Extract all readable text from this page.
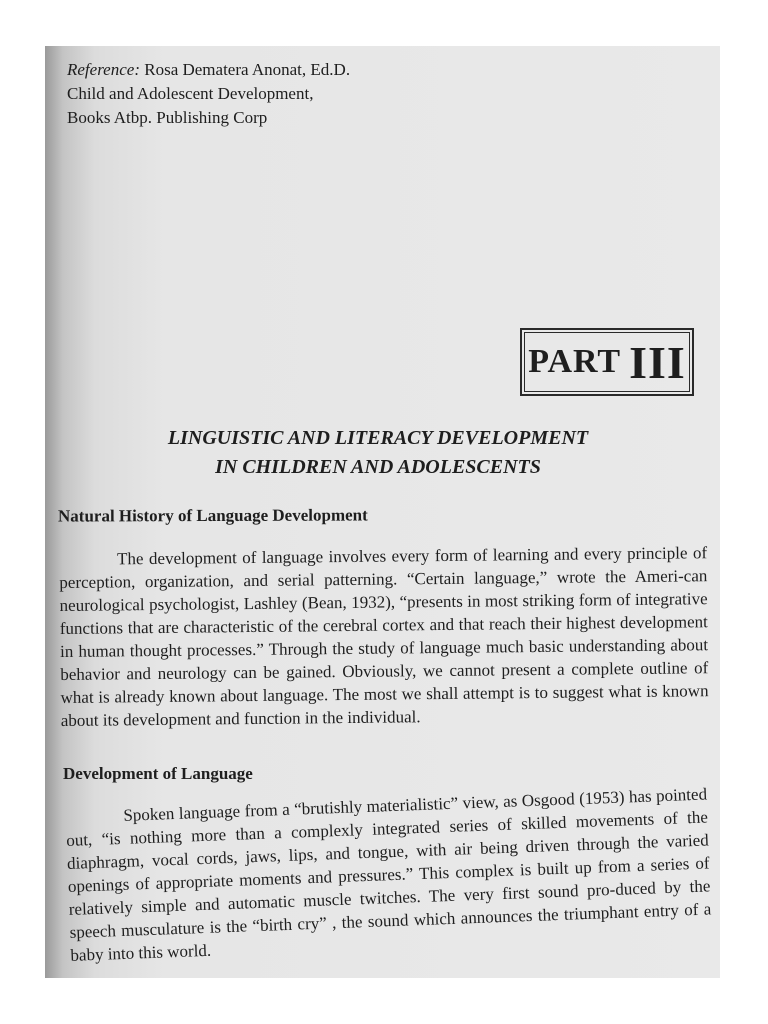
Reference: Rosa Dematera Anonat, Ed.D.
Child and Adolescent Development,
Books Atbp. Publishing Corp
PART III
LINGUISTIC AND LITERACY DEVELOPMENT
IN CHILDREN AND ADOLESCENTS
Natural History of Language Development

The development of language involves every form of learning and every principle of perception, organization, and serial patterning. “Certain language,” wrote the Ameri-can neurological psychologist, Lashley (Bean, 1932), “presents in most striking form of integrative functions that are characteristic of the cerebral cortex and that reach their highest development in human thought processes.” Through the study of language much basic understanding about behavior and neurology can be gained. Obviously, we cannot present a complete outline of what is already known about language. The most we shall attempt is to suggest what is known about its development and function in the individual.

Development of Language

Spoken language from a “brutishly materialistic” view, as Osgood (1953) has pointed out, “is nothing more than a complexly integrated series of skilled movements of the diaphragm, vocal cords, jaws, lips, and tongue, with air being driven through the varied openings of appropriate moments and pressures.” This complex is built up from a series of relatively simple and automatic muscle twitches. The very first sound pro-duced by the speech musculature is the “birth cry” , the sound which announces the triumphant entry of a baby into this world.
